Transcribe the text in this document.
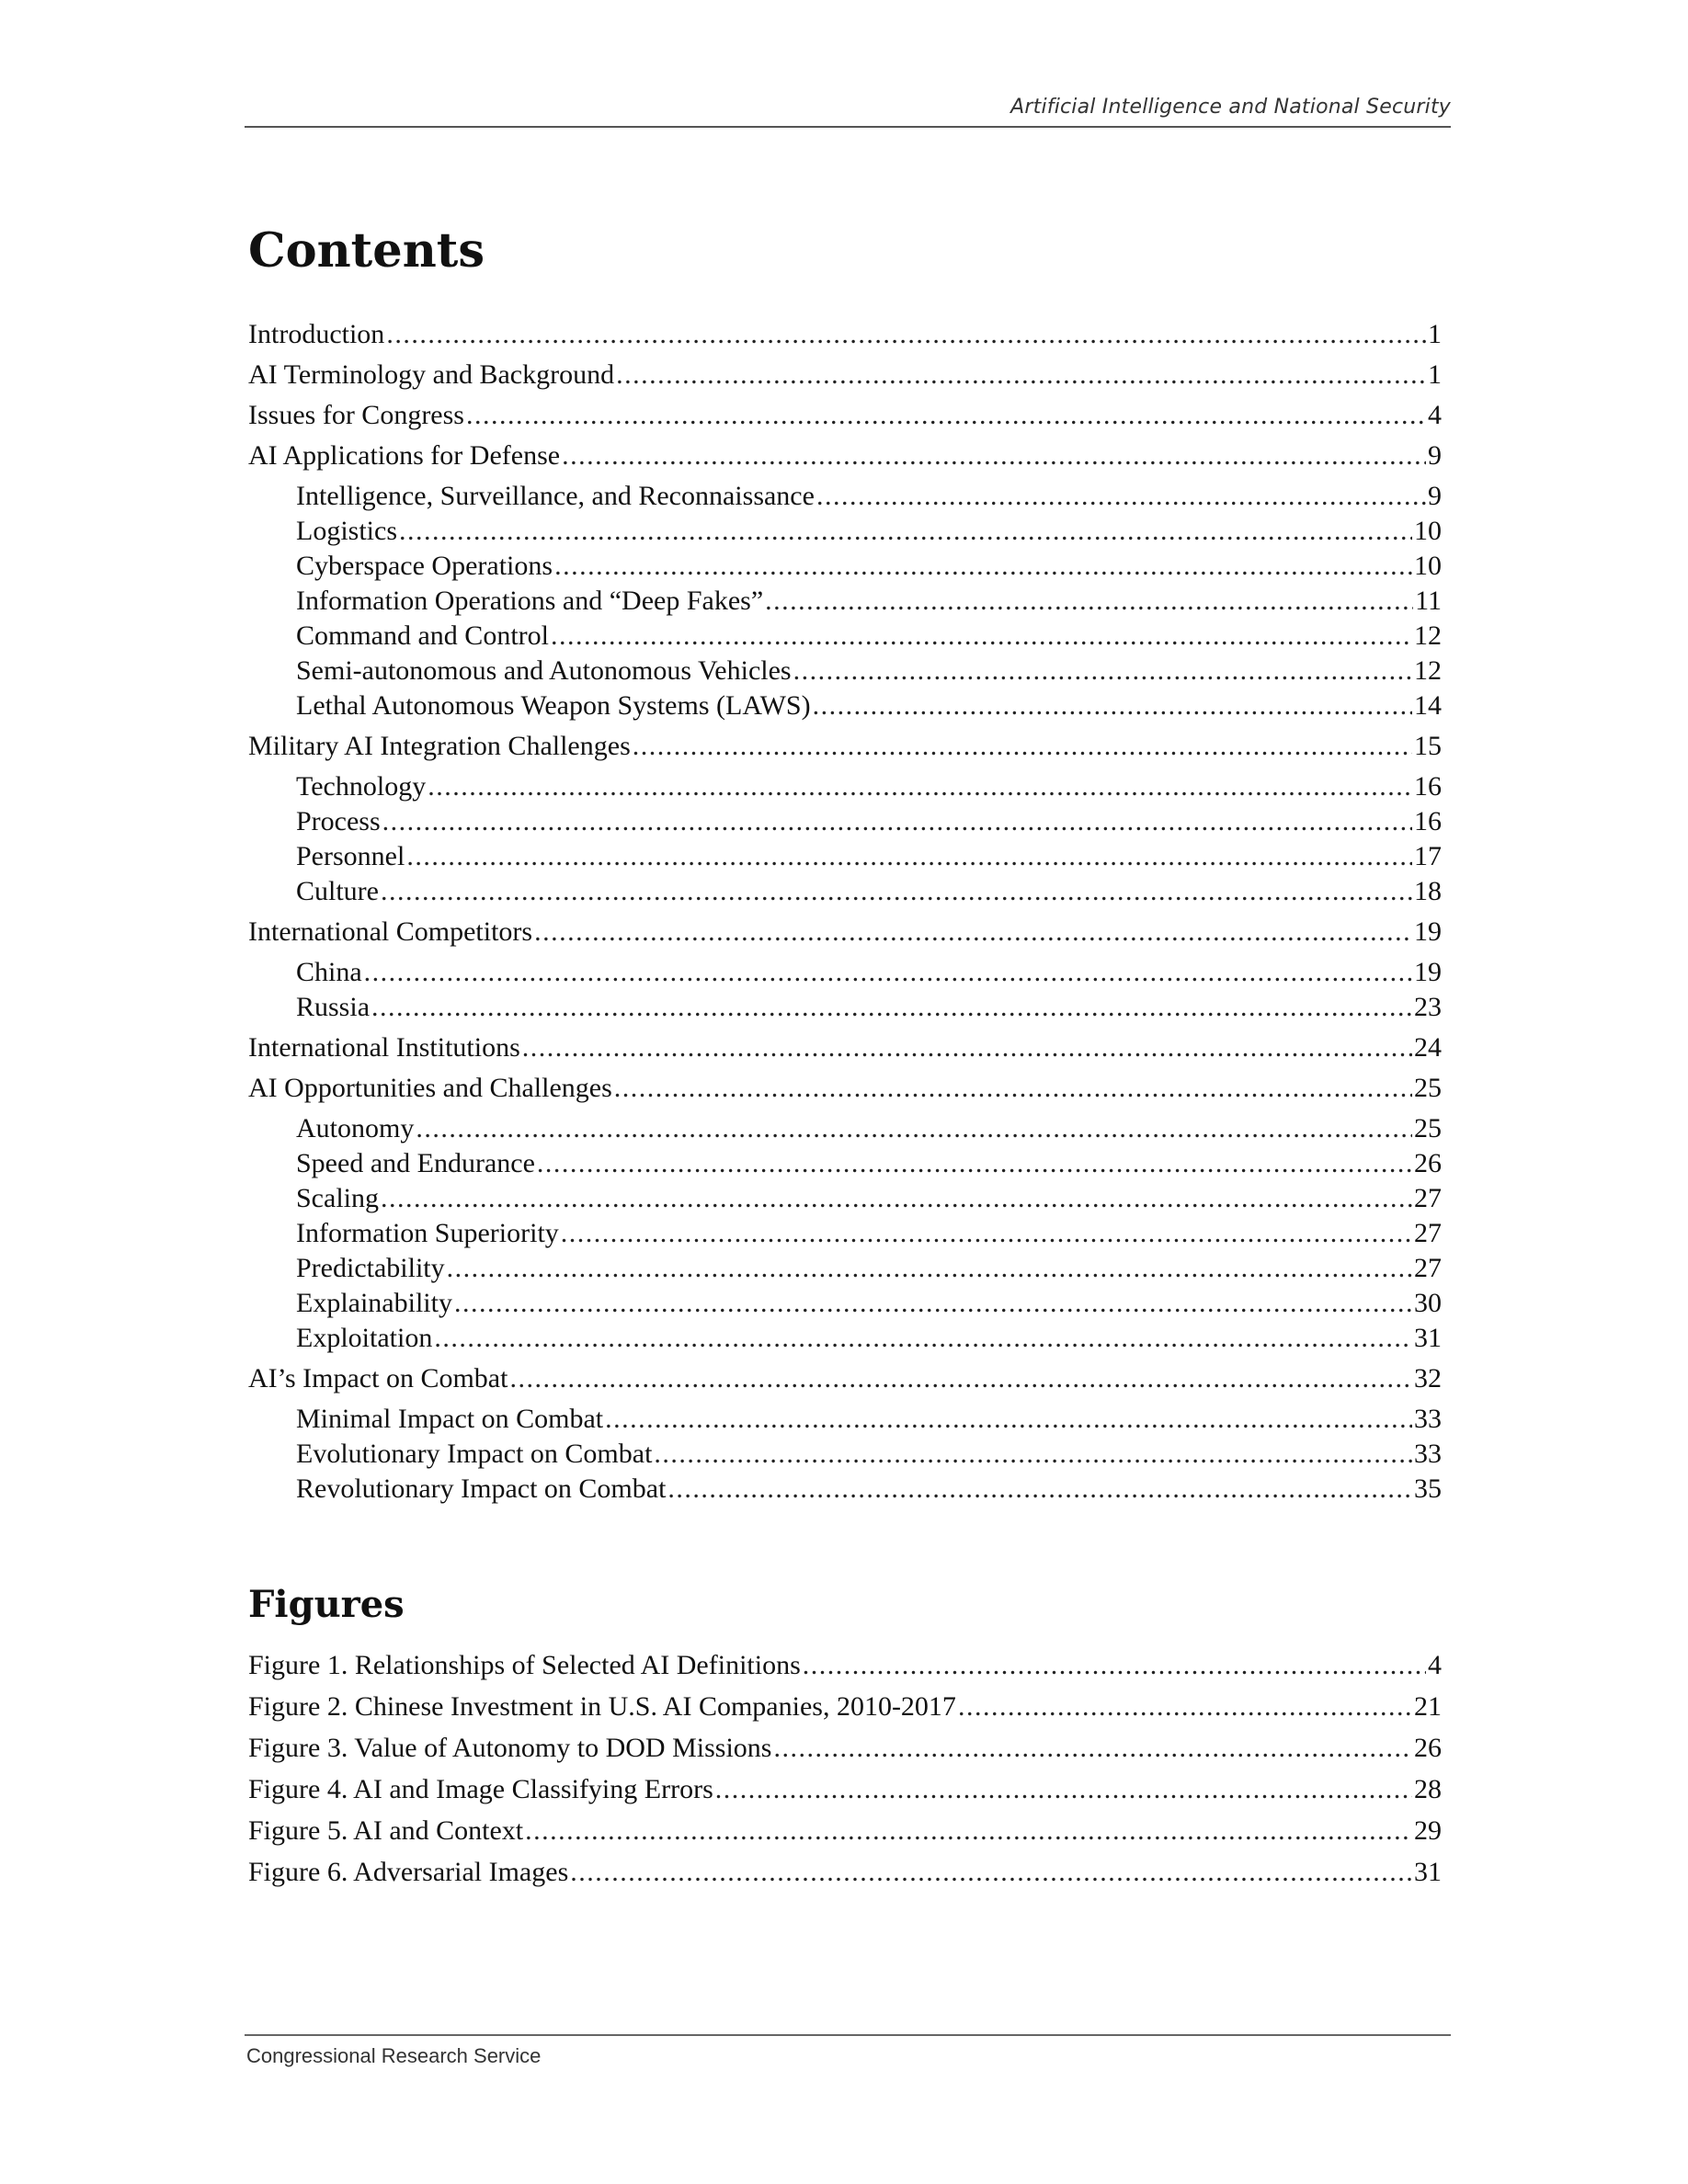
Artificial Intelligence and National Security
Contents
Introduction . . .	1
AI Terminology and Background . . .	1
Issues for Congress . . .	4
AI Applications for Defense . . .	9
Intelligence, Surveillance, and Reconnaissance . . .	9
Logistics . . .	10
Cyberspace Operations . . .	10
Information Operations and “Deep Fakes” . . .	11
Command and Control . . .	12
Semi-autonomous and Autonomous Vehicles . . .	12
Lethal Autonomous Weapon Systems (LAWS) . . .	14
Military AI Integration Challenges . . .	15
Technology . . .	16
Process . . .	16
Personnel . . .	17
Culture . . .	18
International Competitors . . .	19
China . . .	19
Russia . . .	23
International Institutions . . .	24
AI Opportunities and Challenges . . .	25
Autonomy . . .	25
Speed and Endurance . . .	26
Scaling . . .	27
Information Superiority . . .	27
Predictability . . .	27
Explainability . . .	30
Exploitation . . .	31
AI’s Impact on Combat . . .	32
Minimal Impact on Combat . . .	33
Evolutionary Impact on Combat . . .	33
Revolutionary Impact on Combat . . .	35
Figures
Figure 1. Relationships of Selected AI Definitions . . .	4
Figure 2. Chinese Investment in U.S. AI Companies, 2010-2017 . . .	21
Figure 3. Value of Autonomy to DOD Missions . . .	26
Figure 4. AI and Image Classifying Errors . . .	28
Figure 5. AI and Context . . .	29
Figure 6. Adversarial Images . . .	31
Congressional Research Service
